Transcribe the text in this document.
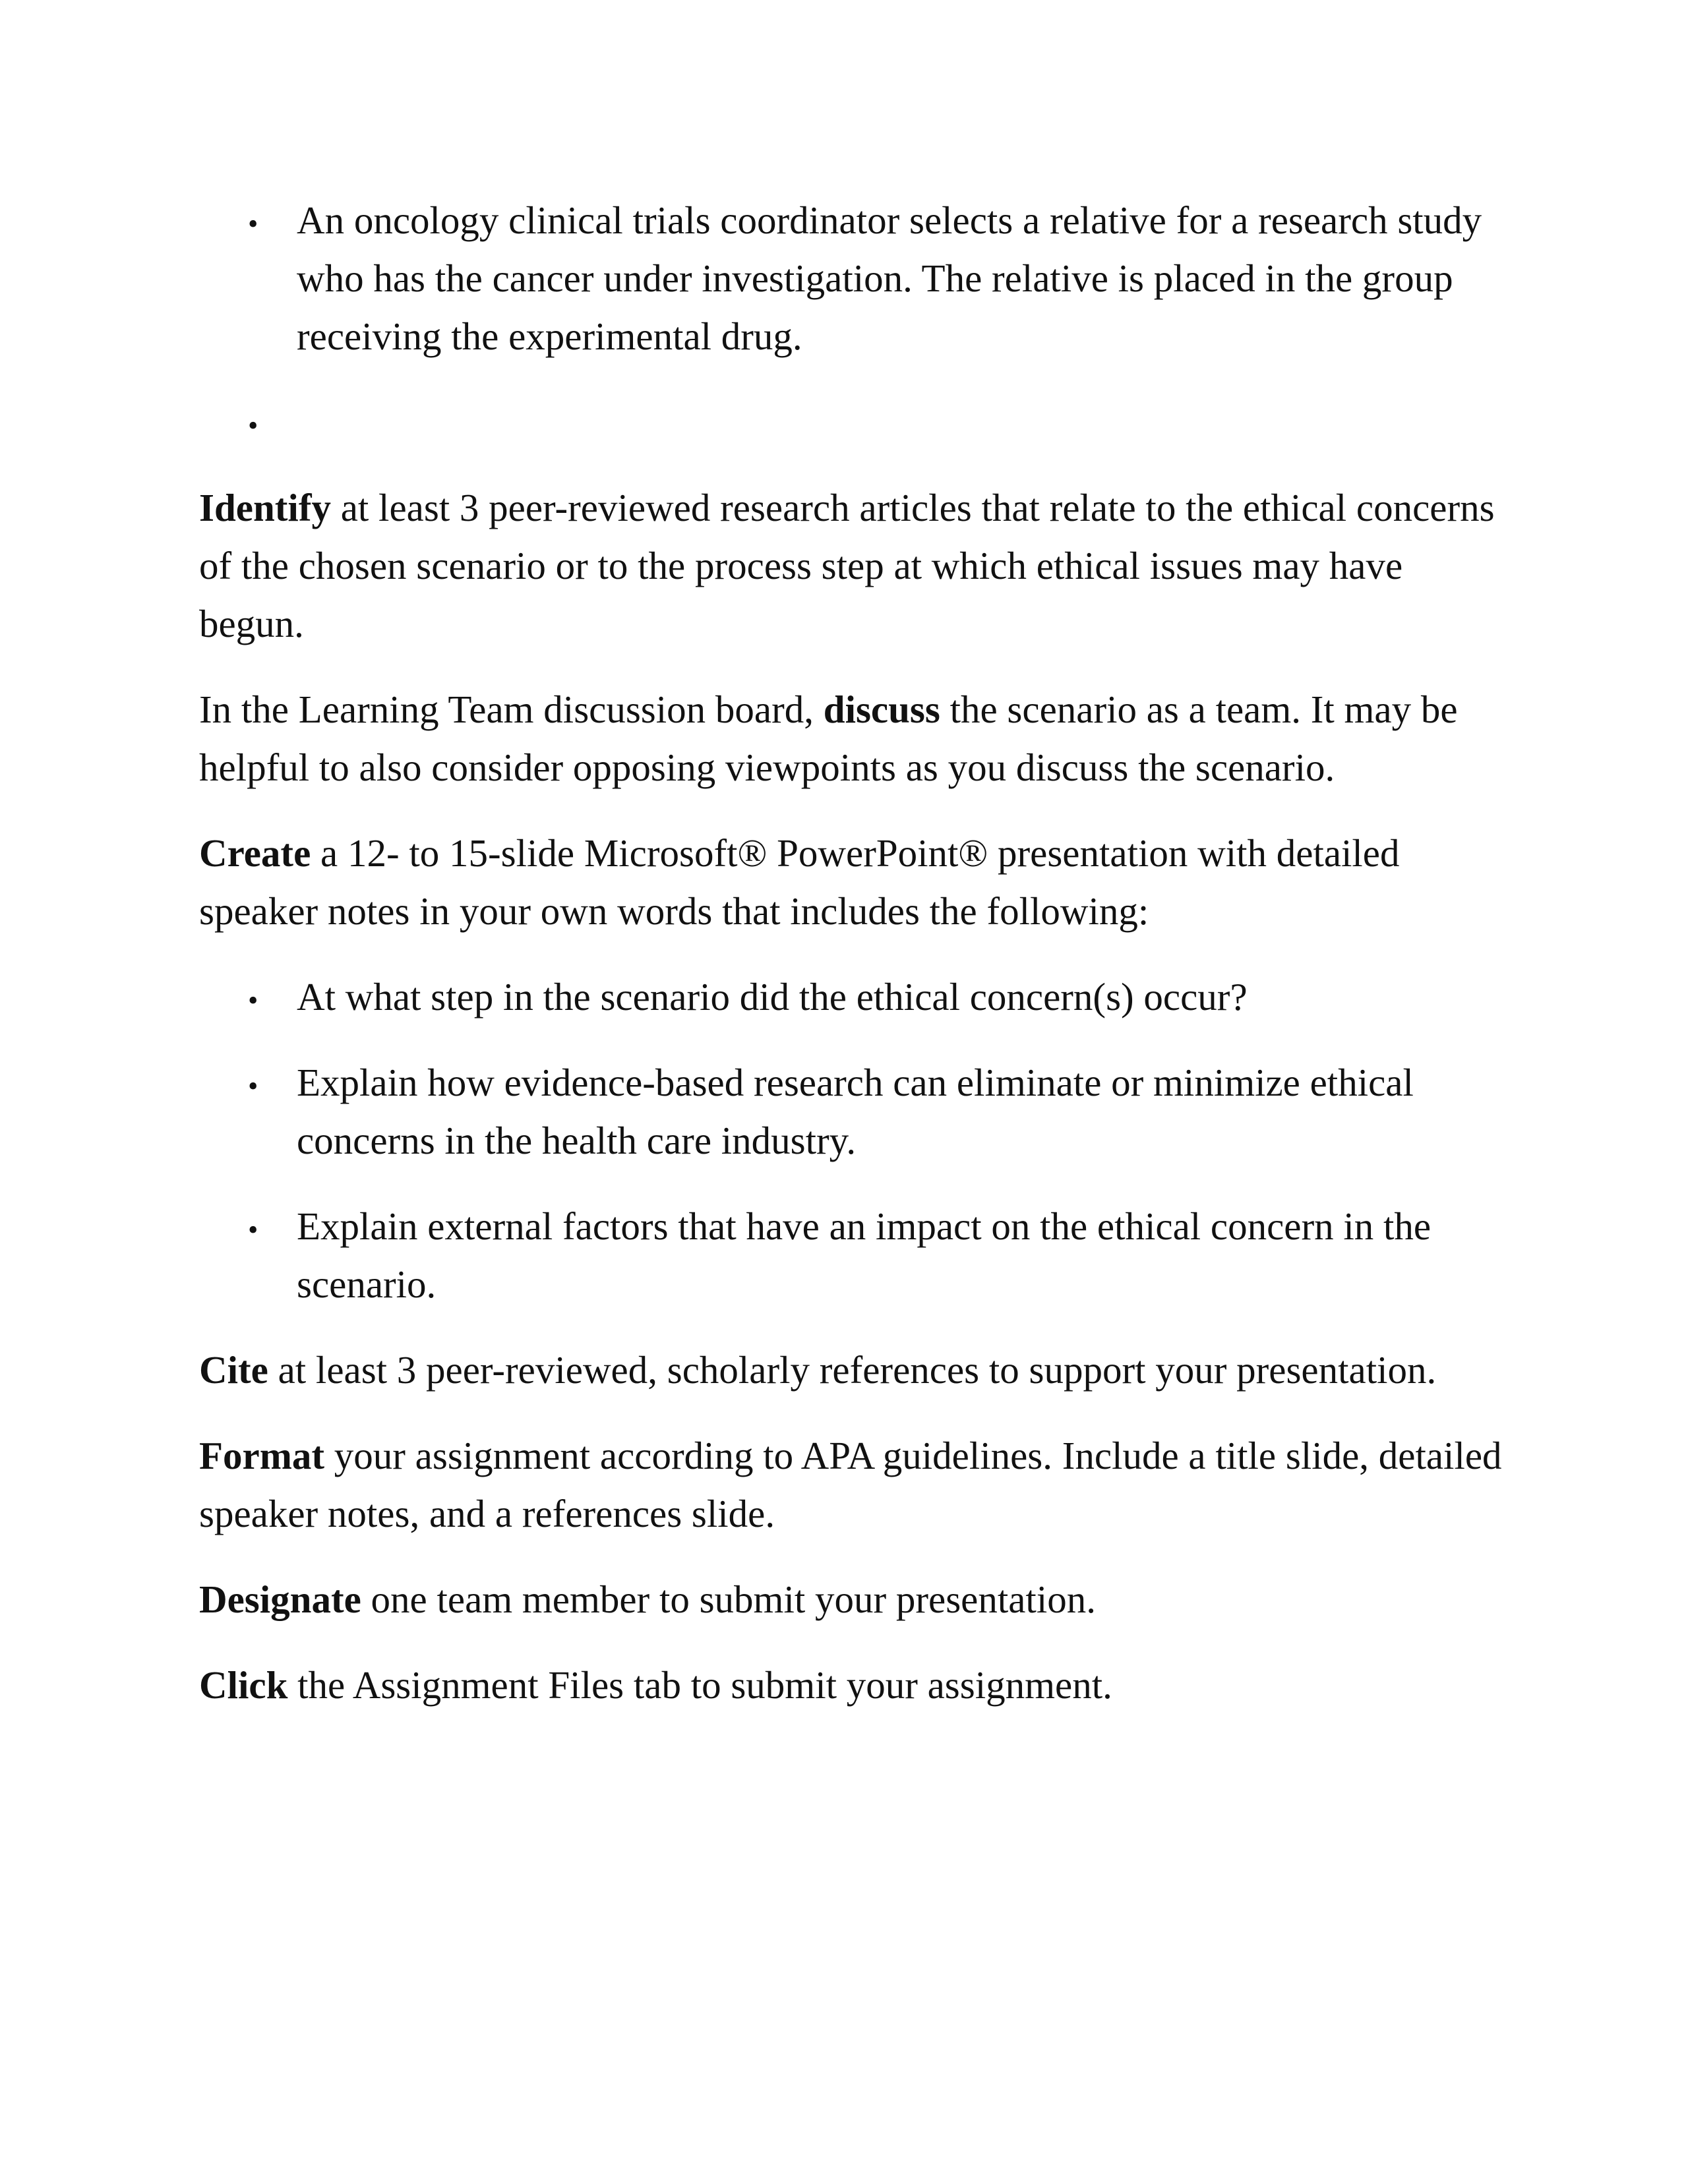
•
An oncology clinical trials coordinator selects a relative for a research study who has the cancer under investigation. The relative is placed in the group receiving the experimental drug.
•

Identify at least 3 peer-reviewed research articles that relate to the ethical concerns of the chosen scenario or to the process step at which ethical issues may have begun.

In the Learning Team discussion board, discuss the scenario as a team. It may be helpful to also consider opposing viewpoints as you discuss the scenario.

Create a 12- to 15-slide Microsoft® PowerPoint® presentation with detailed speaker notes in your own words that includes the following:

•
At what step in the scenario did the ethical concern(s) occur?
•
Explain how evidence-based research can eliminate or minimize ethical concerns in the health care industry.
•
Explain external factors that have an impact on the ethical concern in the scenario.

Cite at least 3 peer-reviewed, scholarly references to support your presentation.

Format your assignment according to APA guidelines. Include a title slide, detailed speaker notes, and a references slide.

Designate one team member to submit your presentation.

Click the Assignment Files tab to submit your assignment.
